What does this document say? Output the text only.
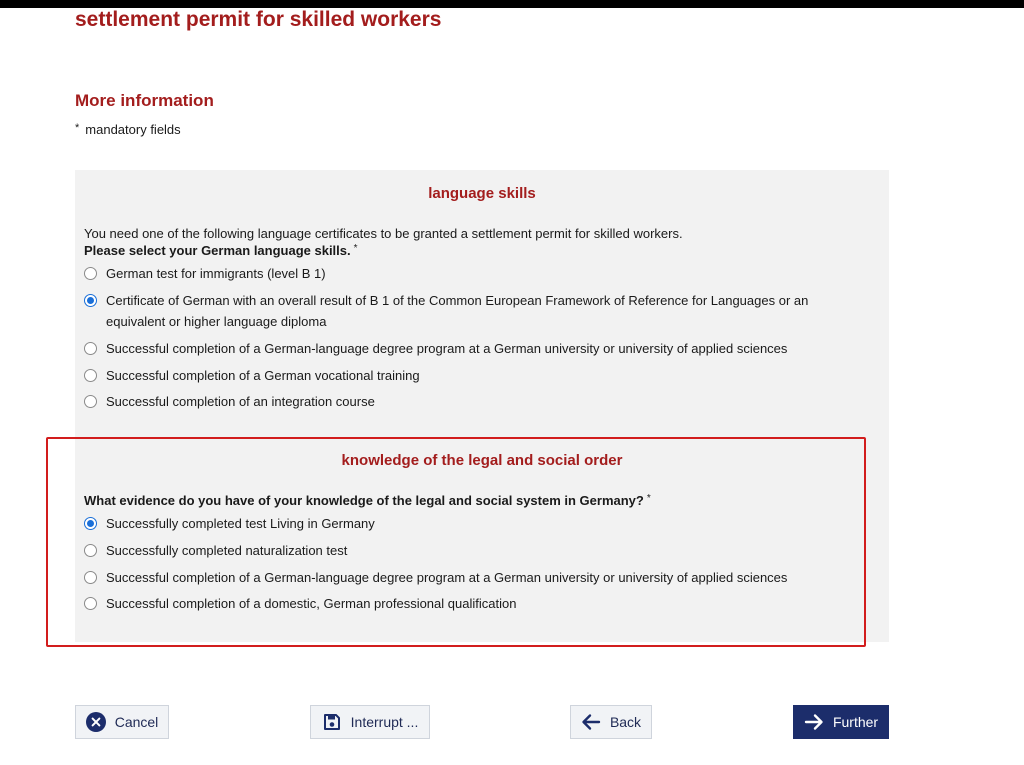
settlement permit for skilled workers
More information
* mandatory fields
language skills
knowledge of the legal and social order
You need one of the following language certificates to be granted a settlement permit for skilled workers.
Please select your German language skills. *
German test for immigrants (level B 1)
Certificate of German with an overall result of B 1 of the Common European Framework of Reference for Languages or an equivalent or higher language diploma
Successful completion of a German-language degree program at a German university or university of applied sciences
Successful completion of a German vocational training
Successful completion of an integration course
What evidence do you have of your knowledge of the legal and social system in Germany? *
Successfully completed test Living in Germany
Successfully completed naturalization test
Successful completion of a German-language degree program at a German university or university of applied sciences
Successful completion of a domestic, German professional qualification
Cancel	Interrupt ...	Back	Further
